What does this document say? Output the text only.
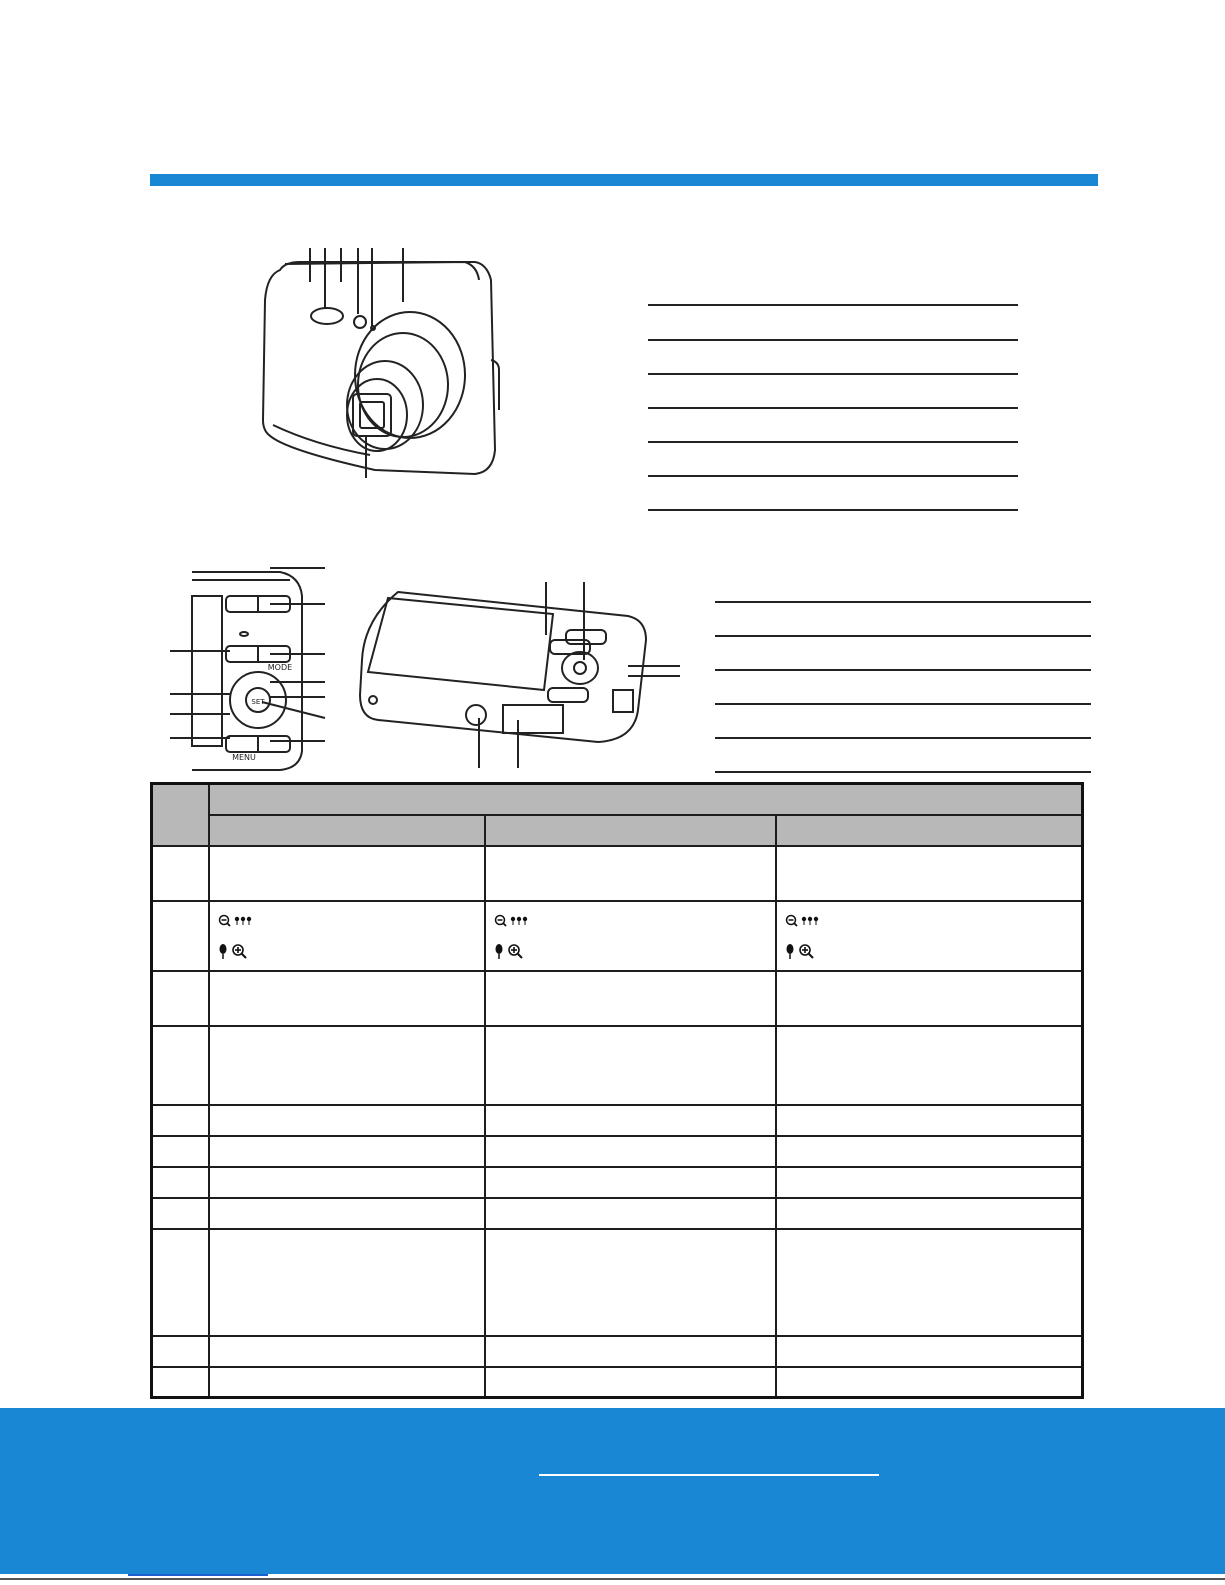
SET
MODE
MENU
